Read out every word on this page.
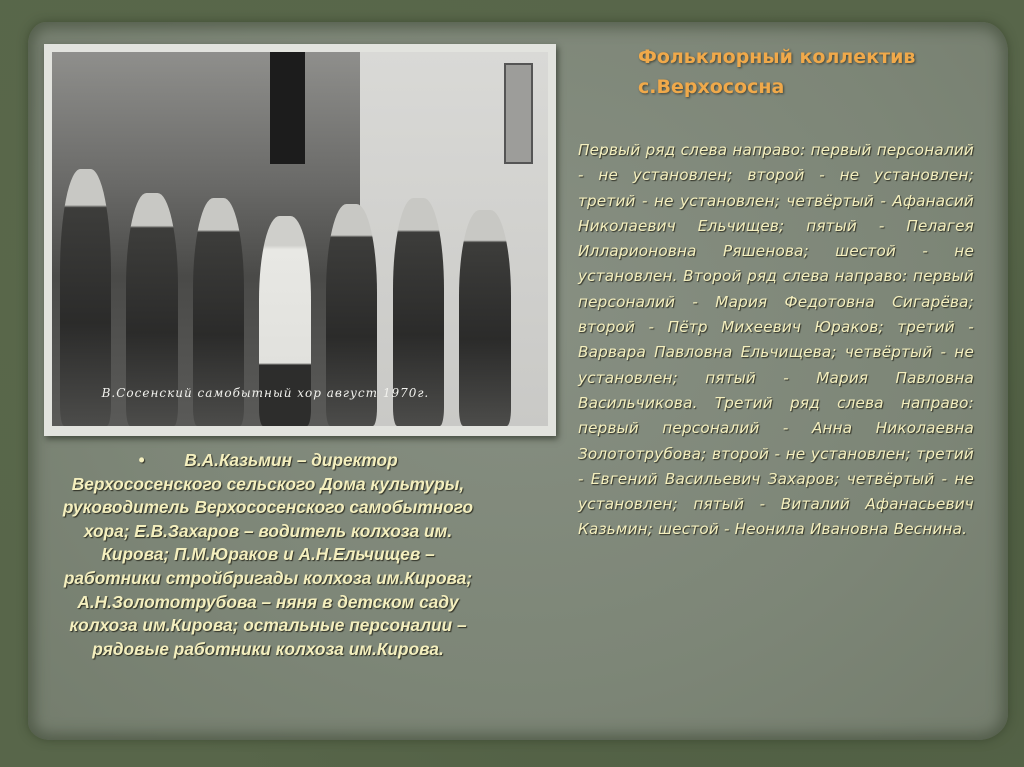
В.Сосенский самобытный хор август 1970г.
Фольклорный коллектив
с.Верхососна
Первый ряд слева направо: первый персоналий - не установлен; второй - не установлен; третий - не установлен; четвёртый - Афанасий Николаевич Ельчищев; пятый - Пелагея Илларионовна Ряшенова; шестой - не установлен. Второй ряд слева направо: первый персоналий - Мария Федотовна Сигарёва; второй - Пётр Михеевич Юраков; третий - Варвара Павловна Ельчищева; четвёртый - не установлен; пятый - Мария Павловна Васильчикова. Третий ряд слева направо: первый персоналий - Анна Николаевна Золототрубова; второй - не установлен; третий - Евгений Васильевич Захаров; четвёртый - не установлен; пятый - Виталий Афанасьевич Казьмин; шестой - Неонила Ивановна Веснина.
• В.А.Казьмин – директор Верхососенского сельского Дома культуры, руководитель Верхососенского самобытного хора; Е.В.Захаров – водитель колхоза им. Кирова; П.М.Юраков и А.Н.Ельчищев – работники стройбригады колхоза им.Кирова; А.Н.Золототрубова – няня в детском саду колхоза им.Кирова; остальные персоналии – рядовые работники колхоза им.Кирова.
